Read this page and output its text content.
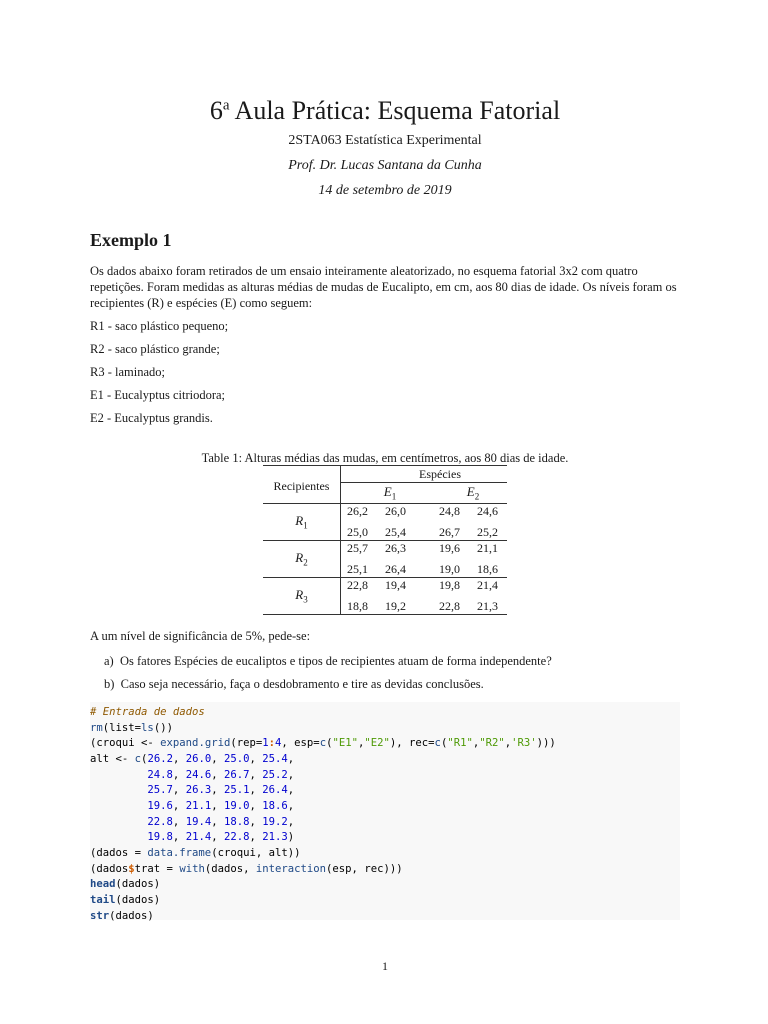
6$^a$ Aula Prática: Esquema Fatorial
2STA063 Estatística Experimental
Prof. Dr. Lucas Santana da Cunha
14 de setembro de 2019
Exemplo 1
Os dados abaixo foram retirados de um ensaio inteiramente aleatorizado, no esquema fatorial 3x2 com quatro repetições. Foram medidas as alturas médias de mudas de Eucalipto, em cm, aos 80 dias de idade. Os níveis foram os recipientes (R) e espécies (E) como seguem:
R1 - saco plástico pequeno;
R2 - saco plástico grande;
R3 - laminado;
E1 - Eucalyptus citriodora;
E2 - Eucalyptus grandis.
Table 1: Alturas médias das mudas, em centímetros, aos 80 dias de idade.
Recipientes		Espécies
$E_1$	$E_2$
$R_1$	26,2	26,0	24,8	24,6
25,0	25,4	26,7	25,2
$R_2$	25,7	26,3	19,6	21,1
25,1	26,4	19,0	18,6
$R_3$	22,8	19,4	19,8	21,4
18,8	19,2	22,8	21,3
A um nível de significância de 5%, pede-se:
a) Os fatores Espécies de eucaliptos e tipos de recipientes atuam de forma independente?
b) Caso seja necessário, faça o desdobramento e tire as devidas conclusões.
# Entrada de dados
rm(list=ls())
(croqui <- expand.grid(rep=1:4, esp=c("E1","E2"), rec=c("R1","R2",'R3')))
alt <- c(26.2, 26.0, 25.0, 25.4,
24.8, 24.6, 26.7, 25.2,
25.7, 26.3, 25.1, 26.4,
19.6, 21.1, 19.0, 18.6,
22.8, 19.4, 18.8, 19.2,
19.8, 21.4, 22.8, 21.3)
(dados = data.frame(croqui, alt))
(dados$trat = with(dados, interaction(esp, rec)))
head(dados)
tail(dados)
str(dados)
1
